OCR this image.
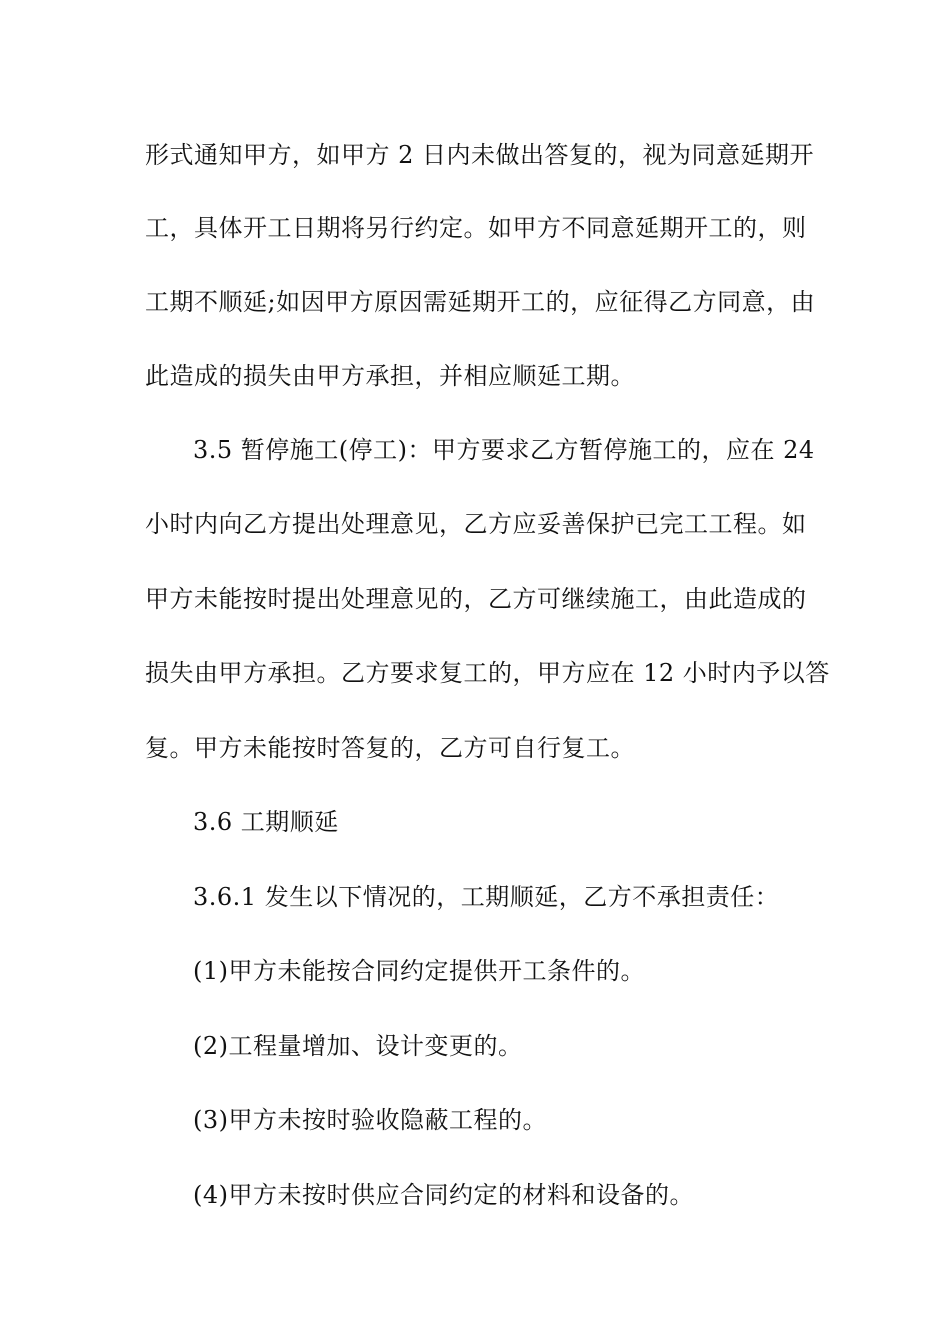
形式通知甲方，如甲方 2 日内未做出答复的，视为同意延期开
工，具体开工日期将另行约定。如甲方不同意延期开工的，则
工期不顺延;如因甲方原因需延期开工的，应征得乙方同意，由
此造成的损失由甲方承担，并相应顺延工期。
3.5 暂停施工(停工)：甲方要求乙方暂停施工的，应在 24
小时内向乙方提出处理意见，乙方应妥善保护已完工工程。如
甲方未能按时提出处理意见的，乙方可继续施工，由此造成的
损失由甲方承担。乙方要求复工的，甲方应在 12 小时内予以答
复。甲方未能按时答复的，乙方可自行复工。
3.6 工期顺延
3.6.1 发生以下情况的，工期顺延，乙方不承担责任：
(1)甲方未能按合同约定提供开工条件的。
(2)工程量增加、设计变更的。
(3)甲方未按时验收隐蔽工程的。
(4)甲方未按时供应合同约定的材料和设备的。
